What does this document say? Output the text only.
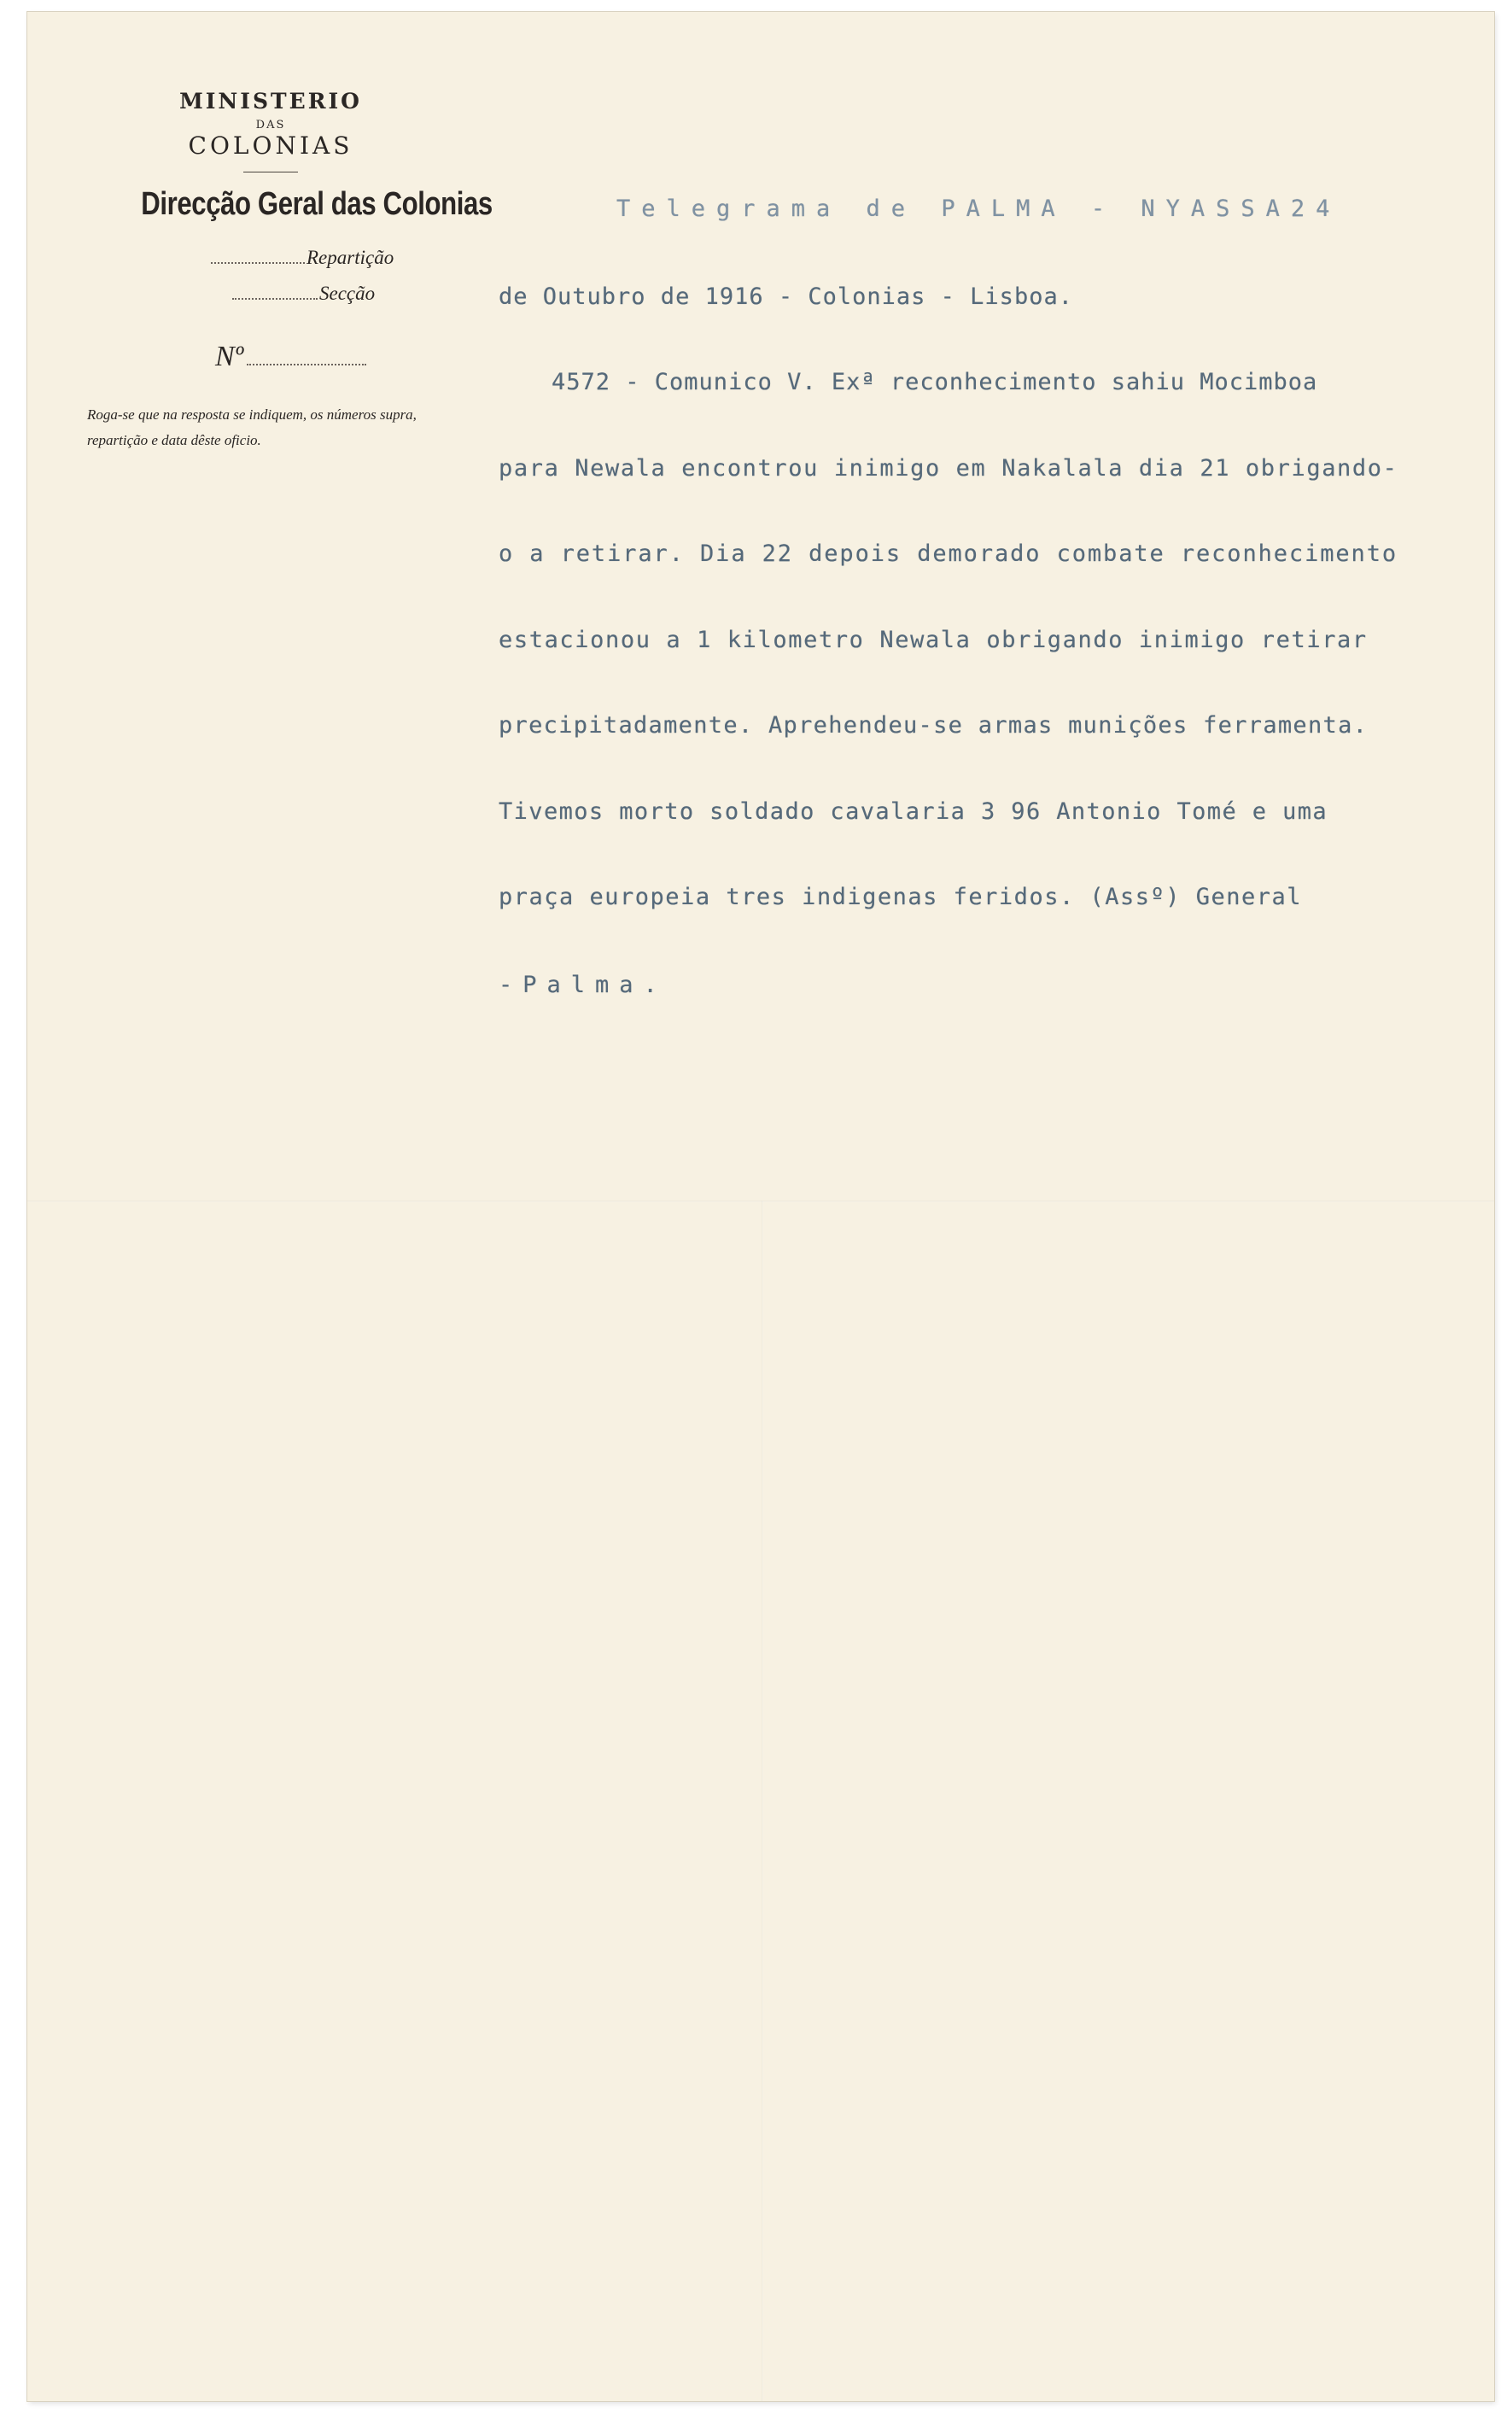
MINISTERIO
DAS
COLONIAS
Direcção Geral das Colonias
Repartição
Secção
Nº
Roga-se que na resposta se indiquem, os números supra, repartição e data dêste oficio.
Telegrama de PALMA - NYASSA24
de Outubro de 1916 - Colonias - Lisboa.
4572 - Comunico V. Exª reconhecimento sahiu Mocimboa
para Newala encontrou inimigo em Nakalala dia 21 obrigando-
o a retirar. Dia 22 depois demorado combate reconhecimento
estacionou a 1 kilometro Newala obrigando inimigo retirar
precipitadamente. Aprehendeu-se armas munições ferramenta.
Tivemos morto soldado cavalaria 3 96 Antonio Tomé e uma
praça europeia tres indigenas feridos. (Assº) General
-Palma.
